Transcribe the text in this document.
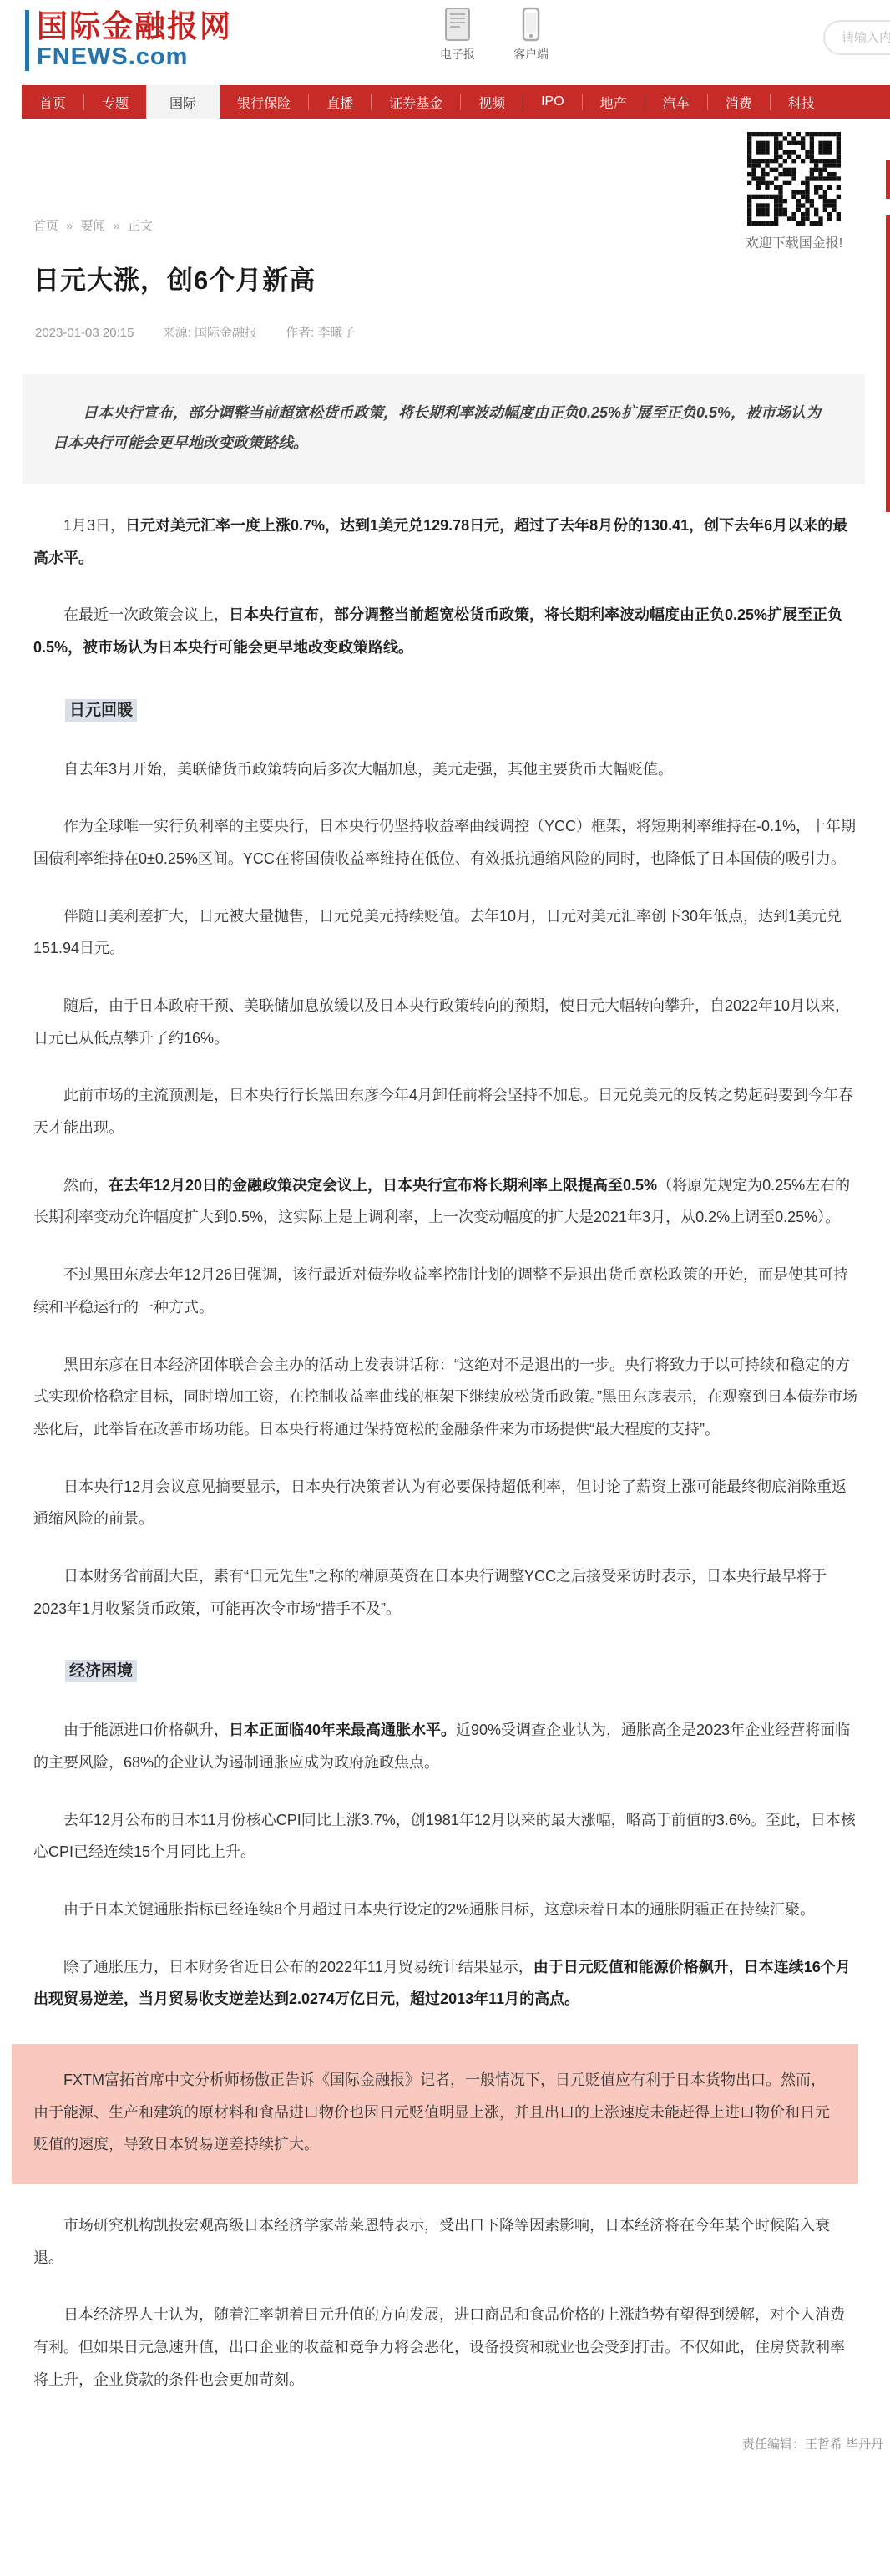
国际金融报网
FNEWS.com	电子报	客户端
请输入内容
首页	专题	国际	银行保险	直播	证券基金	视频	IPO	地产	汽车	消费	科技
首页 » 要闻 » 正文
欢迎下载国金报!
日元大涨，创6个月新高
2023-01-03 20:15 来源: 国际金融报 作者: 李曦子
日本央行宣布，部分调整当前超宽松货币政策，将长期利率波动幅度由正负0.25%扩展至正负0.5%，被市场认为日本央行可能会更早地改变政策路线。

1月3日，日元对美元汇率一度上涨0.7%，达到1美元兑129.78日元，超过了去年8月份的130.41，创下去年6月以来的最高水平。

在最近一次政策会议上，日本央行宣布，部分调整当前超宽松货币政策，将长期利率波动幅度由正负0.25%扩展至正负0.5%，被市场认为日本央行可能会更早地改变政策路线。

日元回暖

自去年3月开始，美联储货币政策转向后多次大幅加息，美元走强，其他主要货币大幅贬值。

作为全球唯一实行负利率的主要央行，日本央行仍坚持收益率曲线调控（YCC）框架，将短期利率维持在-0.1%，十年期国债利率维持在0±0.25%区间。YCC在将国债收益率维持在低位、有效抵抗通缩风险的同时，也降低了日本国债的吸引力。

伴随日美利差扩大，日元被大量抛售，日元兑美元持续贬值。去年10月，日元对美元汇率创下30年低点，达到1美元兑151.94日元。

随后，由于日本政府干预、美联储加息放缓以及日本央行政策转向的预期，使日元大幅转向攀升，自2022年10月以来，日元已从低点攀升了约16%。

此前市场的主流预测是，日本央行行长黑田东彦今年4月卸任前将会坚持不加息。日元兑美元的反转之势起码要到今年春天才能出现。

然而，在去年12月20日的金融政策决定会议上，日本央行宣布将长期利率上限提高至0.5%（将原先规定为0.25%左右的长期利率变动允许幅度扩大到0.5%，这实际上是上调利率，上一次变动幅度的扩大是2021年3月，从0.2%上调至0.25%）。

不过黑田东彦去年12月26日强调，该行最近对债券收益率控制计划的调整不是退出货币宽松政策的开始，而是使其可持续和平稳运行的一种方式。

黑田东彦在日本经济团体联合会主办的活动上发表讲话称：“这绝对不是退出的一步。央行将致力于以可持续和稳定的方式实现价格稳定目标，同时增加工资，在控制收益率曲线的框架下继续放松货币政策。”黑田东彦表示，在观察到日本债券市场恶化后，此举旨在改善市场功能。日本央行将通过保持宽松的金融条件来为市场提供“最大程度的支持”。

日本央行12月会议意见摘要显示，日本央行决策者认为有必要保持超低利率，但讨论了薪资上涨可能最终彻底消除重返通缩风险的前景。

日本财务省前副大臣，素有“日元先生”之称的榊原英资在日本央行调整YCC之后接受采访时表示，日本央行最早将于2023年1月收紧货币政策，可能再次令市场“措手不及”。

经济困境

由于能源进口价格飙升，日本正面临40年来最高通胀水平。近90%受调查企业认为，通胀高企是2023年企业经营将面临的主要风险，68%的企业认为遏制通胀应成为政府施政焦点。

去年12月公布的日本11月份核心CPI同比上涨3.7%，创1981年12月以来的最大涨幅，略高于前值的3.6%。至此，日本核心CPI已经连续15个月同比上升。

由于日本关键通胀指标已经连续8个月超过日本央行设定的2%通胀目标，这意味着日本的通胀阴霾正在持续汇聚。

除了通胀压力，日本财务省近日公布的2022年11月贸易统计结果显示，由于日元贬值和能源价格飙升，日本连续16个月出现贸易逆差，当月贸易收支逆差达到2.0274万亿日元，超过2013年11月的高点。

FXTM富拓首席中文分析师杨傲正告诉《国际金融报》记者，一般情况下，日元贬值应有利于日本货物出口。然而，由于能源、生产和建筑的原材料和食品进口物价也因日元贬值明显上涨，并且出口的上涨速度未能赶得上进口物价和日元贬值的速度，导致日本贸易逆差持续扩大。

市场研究机构凯投宏观高级日本经济学家蒂莱恩特表示，受出口下降等因素影响，日本经济将在今年某个时候陷入衰退。

日本经济界人士认为，随着汇率朝着日元升值的方向发展，进口商品和食品价格的上涨趋势有望得到缓解，对个人消费有利。但如果日元急速升值，出口企业的收益和竞争力将会恶化，设备投资和就业也会受到打击。不仅如此，住房贷款利率将上升，企业贷款的条件也会更加苛刻。

责任编辑：王哲希 毕丹丹
